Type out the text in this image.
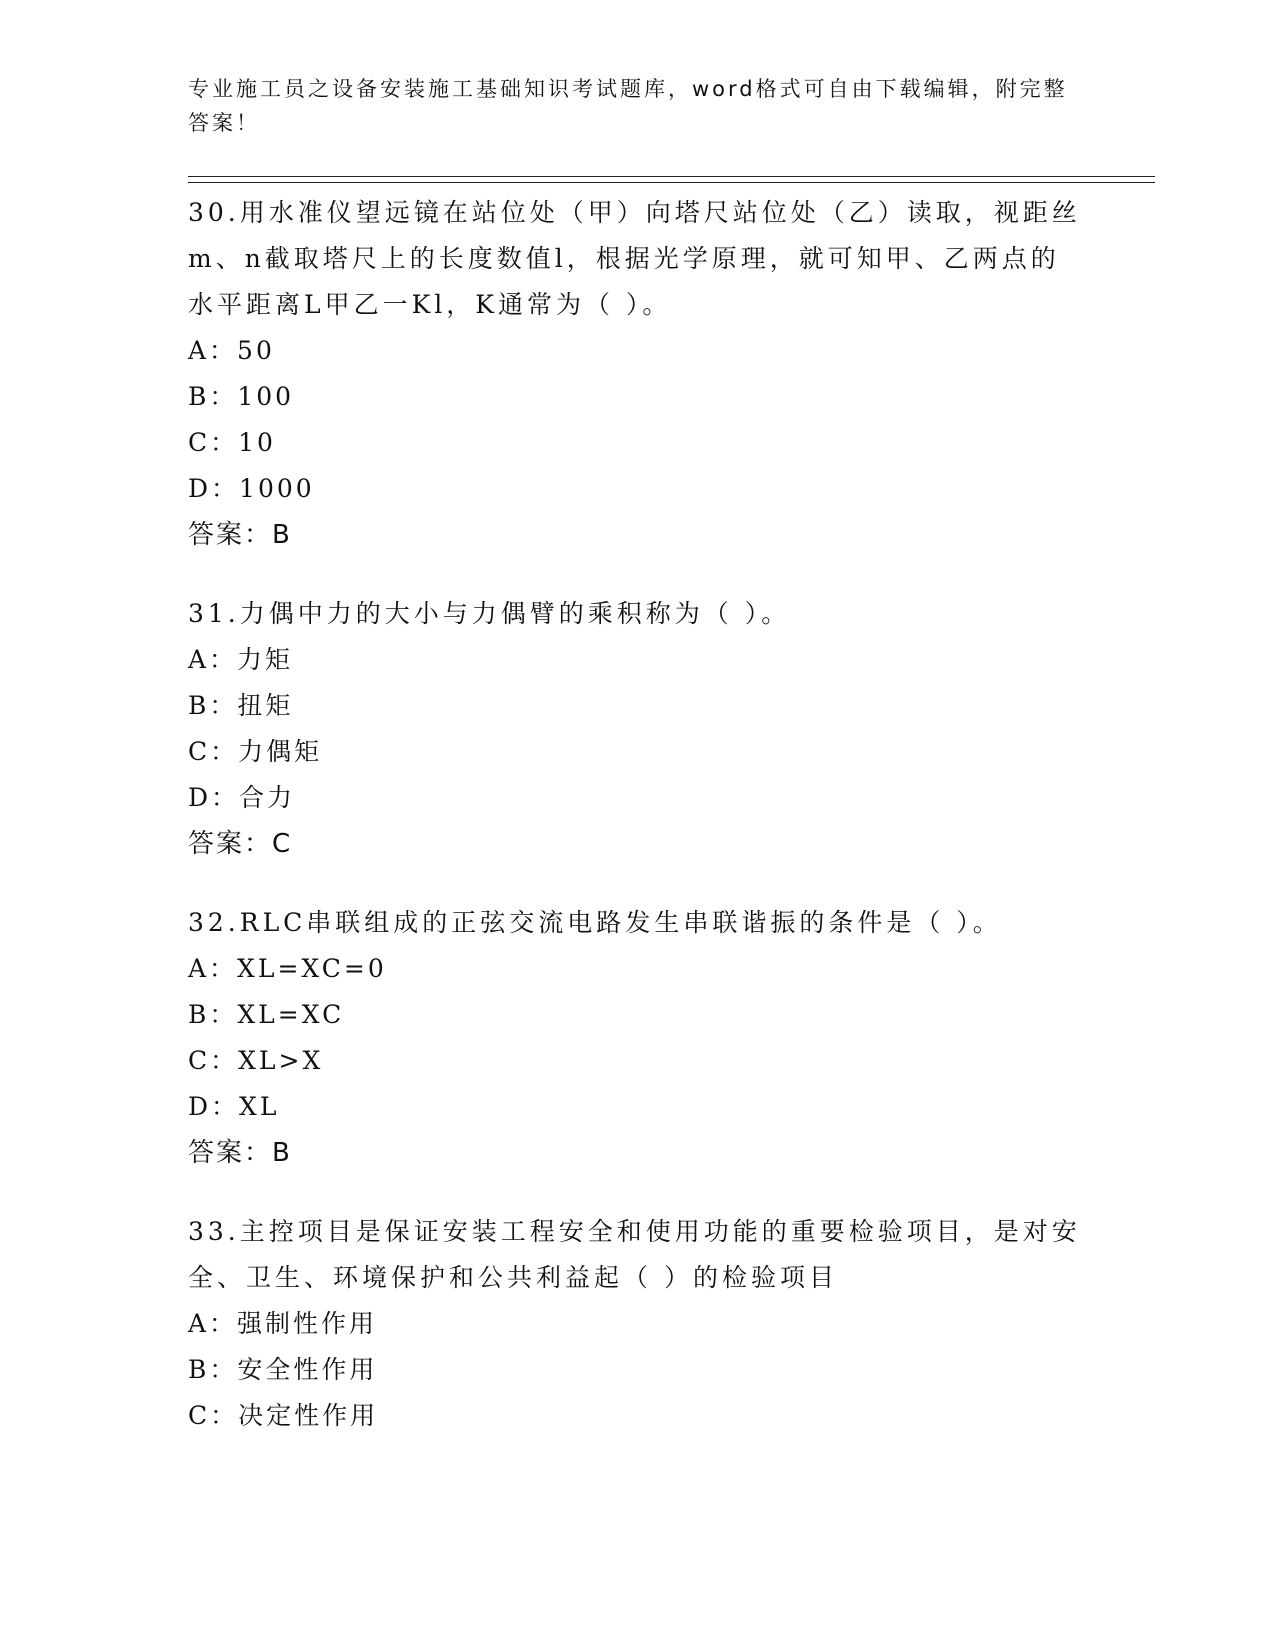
专业施工员之设备安装施工基础知识考试题库，word格式可自由下载编辑，附完整答案！
30.用水准仪望远镜在站位处（甲）向塔尺站位处（乙）读取，视距丝m、n截取塔尺上的长度数值l，根据光学原理，就可知甲、乙两点的水平距离L甲乙一Kl，K通常为（ ）。
A：50
B：100
C：10
D：1000
答案：B
31.力偶中力的大小与力偶臂的乘积称为（ ）。
A：力矩
B：扭矩
C：力偶矩
D：合力
答案：C
32.RLC串联组成的正弦交流电路发生串联谐振的条件是（ ）。
A：XL=XC=0
B：XL=XC
C：XL>X
D：XL
答案：B
33.主控项目是保证安装工程安全和使用功能的重要检验项目，是对安全、卫生、环境保护和公共利益起（ ）的检验项目
A：强制性作用
B：安全性作用
C：决定性作用
